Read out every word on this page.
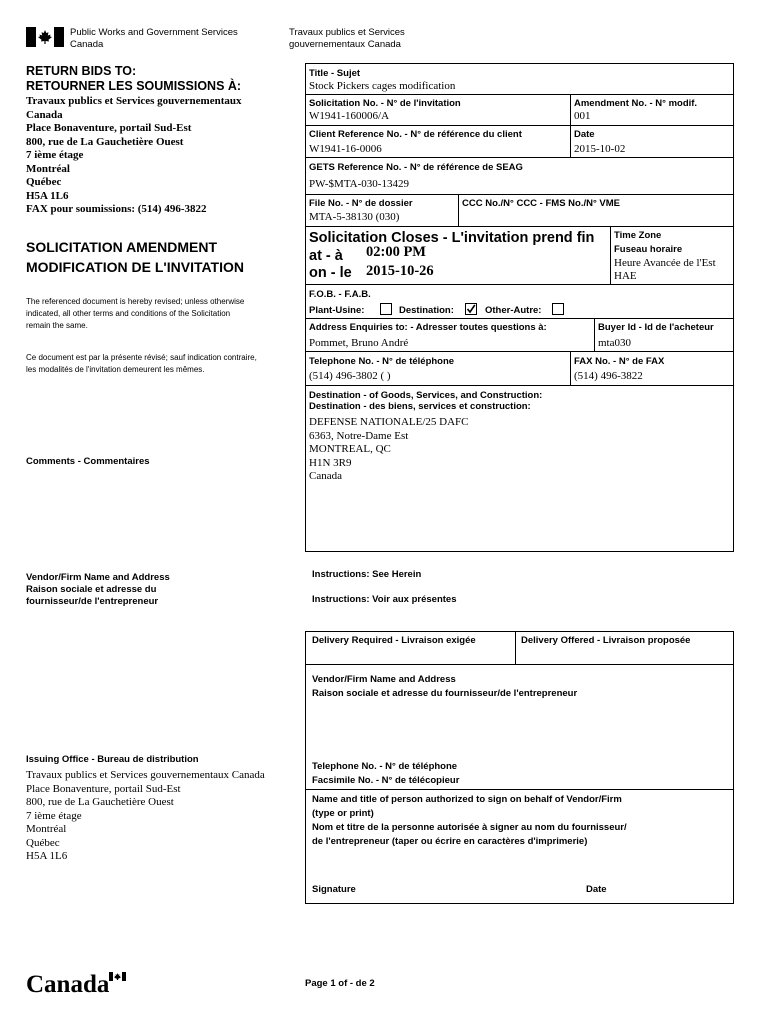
Public Works and Government Services
Canada
Travaux publics et Services
gouvernementaux Canada
RETURN BIDS TO:
RETOURNER LES SOUMISSIONS À:
Travaux publics et Services gouvernementaux
Canada
Place Bonaventure, portail Sud-Est
800, rue de La Gauchetière Ouest
7 ième étage
Montréal
Québec
H5A 1L6
FAX pour soumissions: (514) 496-3822
SOLICITATION AMENDMENT
MODIFICATION DE L'INVITATION
The referenced document is hereby revised; unless otherwise
indicated, all other terms and conditions of the Solicitation
remain the same.
Ce document est par la présente révisé; sauf indication contraire,
les modalités de l'invitation demeurent les mêmes.
Comments - Commentaires
Vendor/Firm Name and Address
Raison sociale et adresse du
fournisseur/de l'entrepreneur
Issuing Office - Bureau de distribution
Travaux publics et Services gouvernementaux Canada
Place Bonaventure, portail Sud-Est
800, rue de La Gauchetière Ouest
7 ième étage
Montréal
Québec
H5A 1L6
Title - Sujet
Stock Pickers cages modification
Solicitation No. - N° de l'invitation
W1941-160006/A
Amendment No. - N° modif.
001
Client Reference No. - N° de référence du client
W1941-16-0006
Date
2015-10-02
GETS Reference No. - N° de référence de SEAG
PW-$MTA-030-13429
File No. - N° de dossier
MTA-5-38130 (030)
CCC No./N° CCC - FMS No./N° VME
Solicitation Closes - L'invitation prend fin
at - à 02:00 PM
on - le 2015-10-26
Time Zone
Fuseau horaire
Heure Avancée de l'Est
HAE
F.O.B. - F.A.B.
Plant-Usine:	Destination:	Other-Autre:
Address Enquiries to: - Adresser toutes questions à:
Pommet, Bruno André
Buyer Id - Id de l'acheteur
mta030
Telephone No. - N° de téléphone
(514) 496-3802 ( )
FAX No. - N° de FAX
(514) 496-3822
Destination - of Goods, Services, and Construction:
Destination - des biens, services et construction:
DEFENSE NATIONALE/25 DAFC
6363, Notre-Dame Est
MONTREAL, QC
H1N 3R9
Canada
Instructions: See Herein
Instructions: Voir aux présentes
Delivery Required - Livraison exigée	Delivery Offered - Livraison proposée
Vendor/Firm Name and Address
Raison sociale et adresse du fournisseur/de l'entrepreneur
Telephone No. - N° de téléphone
Facsimile No. - N° de télécopieur
Name and title of person authorized to sign on behalf of Vendor/Firm
(type or print)
Nom et titre de la personne autorisée à signer au nom du fournisseur/
de l'entrepreneur (taper ou écrire en caractères d'imprimerie)
Signature	Date
Canada	Page 1 of - de 2
